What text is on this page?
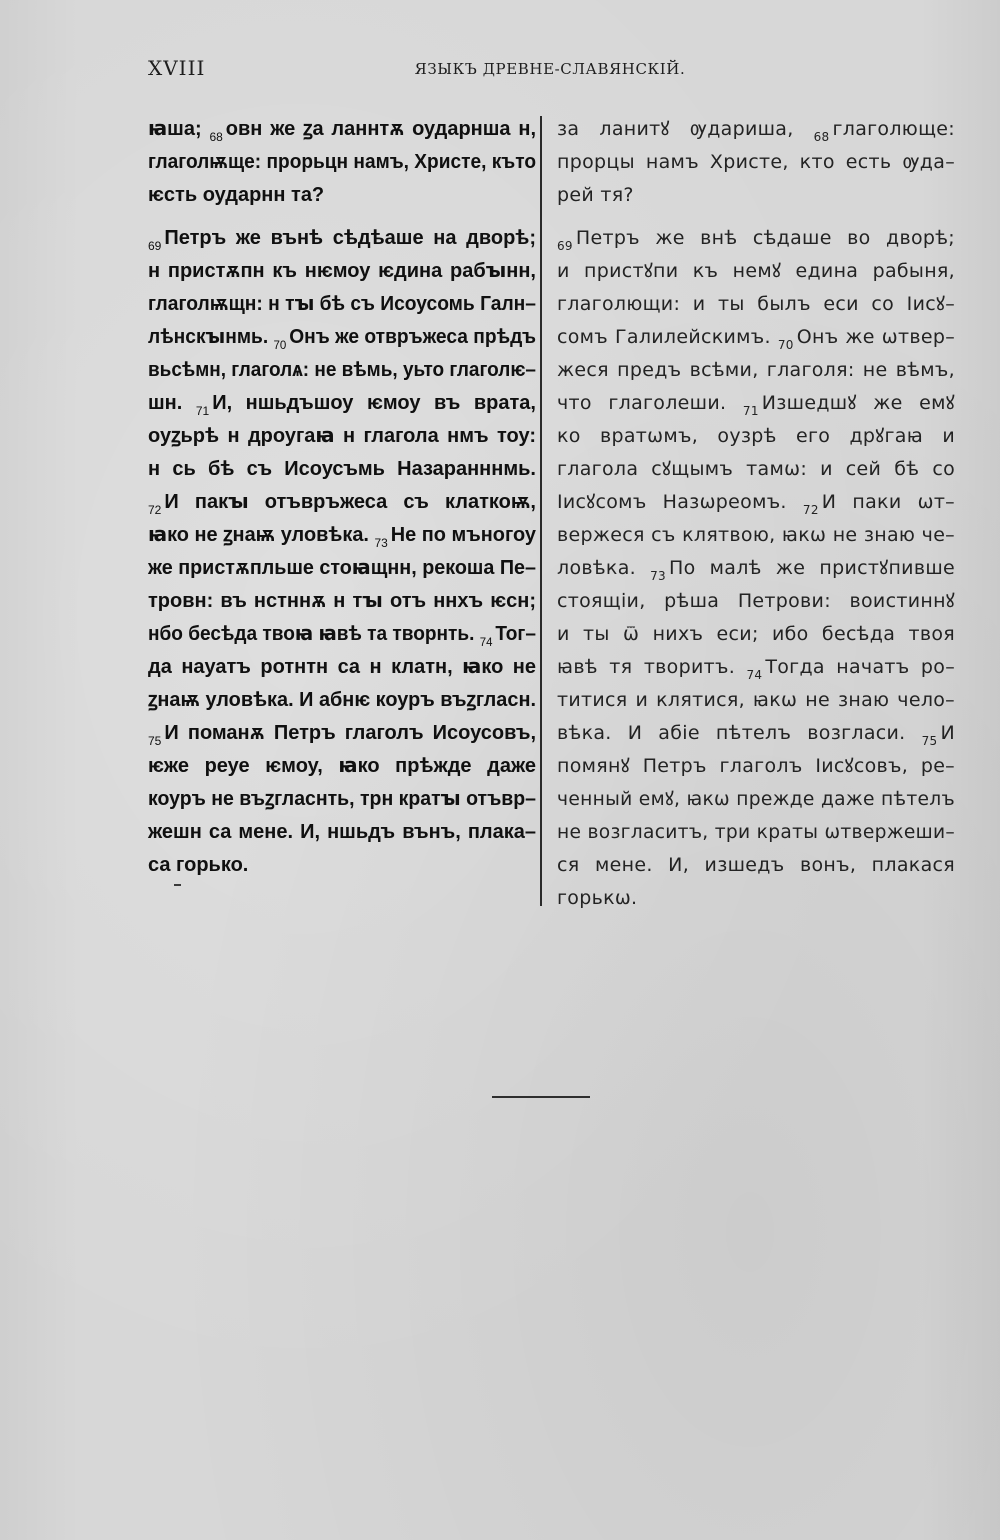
XVIII	ЯЗЫКЪ ДРЕВНЕ-СЛАВЯНСКІЙ.
ꙗша; $_{68}$ овн же ꙁа ланнтѫ оударнша н,
глаголѭще: прорьцн намъ, Христе, къто
ѥсть оударнн та?
$_{69}$ Петръ же вънѣ сѣдѣаше на дворѣ;
н пристѫпн къ нѥмоу ѥдина рабꙑнн,
глаголѭщн: н тꙑ бѣ съ Исоусомь Галн–
лѣнскꙑнмь. $_{70}$ Онъ же отвръжеса прѣдъ
вьсѣмн, глаголѧ: не вѣмь, уьто глаголѥ–
шн. $_{71}$ И, ншьдъшоу ѥмоу въ врата,
оуꙁьрѣ н дроугаꙗ н глагола нмъ тоу:
н сь бѣ съ Исоусъмь Назаранннмь.
$_{72}$ И пакꙑ отъвръжеса съ клаткоѭ,
ꙗко не ꙁнаѭ уловѣка. $_{73}$ Не по мъногоу
же пристѫпльше стоꙗщнн, рекоша Пе–
тровн: въ нстннѫ н тꙑ отъ ннхъ ѥсн;
нбо бесѣда твоꙗ ꙗвѣ та творнть. $_{74}$ Тог–
да науатъ ротнтн са н клатн, ꙗко не
ꙁнаѭ уловѣка. И абнѥ коуръ въꙁгласн.
$_{75}$ И поманѫ Петръ глаголъ Исоусовъ,
ѥже реуе ѥмоу, ꙗко прѣжде даже
коуръ не въꙁгласнть, трн кратꙑ отъвр–
жешн са мене. И, ншьдъ вънъ, плака–
са горько.
за ланитꙋ ѹдариша, $_{68}$ глаголюще:
прорцы намъ Христе, кто есть ѹда–
рей тя?
$_{69}$ Петръ же внѣ сѣдаше во дворѣ;
и пристꙋпи къ немꙋ едина рабыня,
глаголющи: и ты былъ еси со Іисꙋ–
сомъ Галилейскимъ. $_{70}$ Онъ же ѡтвер–
жеся предъ всѣми, глаголя: не вѣмъ,
что глаголеши. $_{71}$ Изшедшꙋ же емꙋ
ко вратѡмъ, оузрѣ его дрꙋгаꙗ и
глагола сꙋщымъ тамѡ: и сей бѣ со
Іисꙋсомъ Назѡреомъ. $_{72}$ И паки ѡт–
вержеся съ клятвою, ꙗкѡ не знаю че–
ловѣка. $_{73}$ По малѣ же пристꙋпивше
стоящіи, рѣша Петрови: воистиннꙋ
и ты ѿ нихъ еси; ибо бесѣда твоя
ꙗвѣ тя творитъ. $_{74}$ Тогда начатъ ро–
титися и клятися, ꙗкѡ не знаю чело–
вѣка. И абіе пѣтелъ возгласи. $_{75}$ И
помянꙋ Петръ глаголъ Іисꙋсовъ, ре–
ченный емꙋ, ꙗкѡ прежде даже пѣтелъ
не возгласитъ, три краты ѡтвержеши–
ся мене. И, изшедъ вонъ, плакася
горькѡ.
